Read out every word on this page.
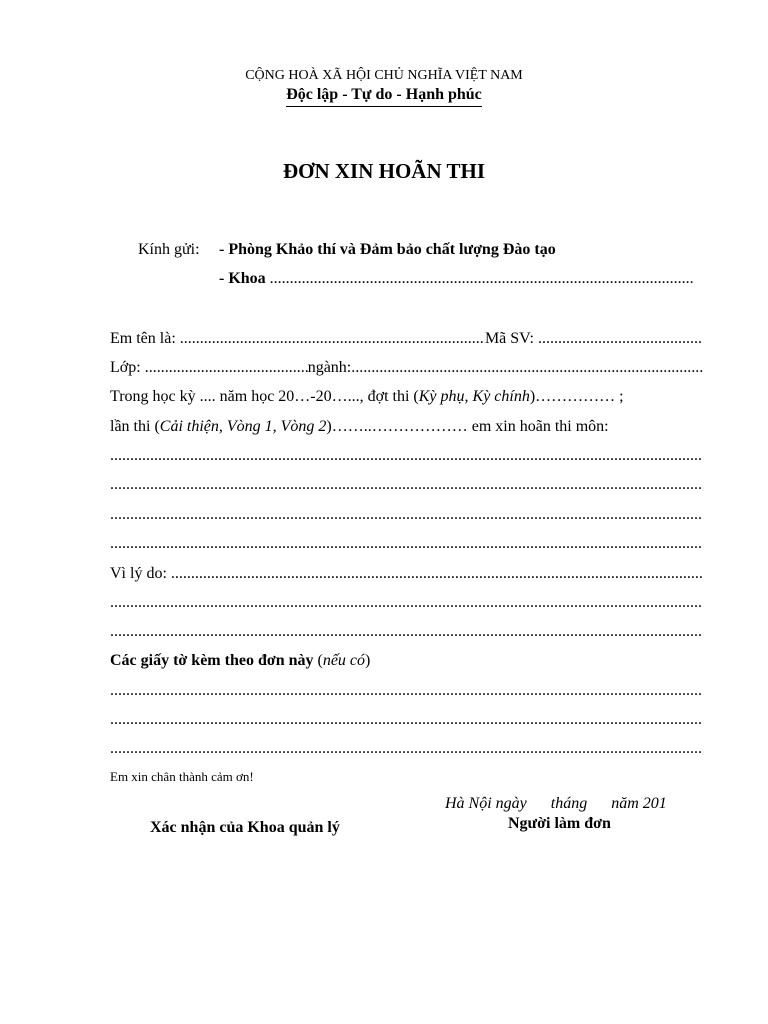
CỘNG HOÀ XÃ HỘI CHỦ NGHĨA VIỆT NAM
Độc lập - Tự do - Hạnh phúc
ĐƠN XIN HOÃN THI
Kính gửi: - Phòng Khảo thí và Đảm bảo chất lượng Đào tạo
- Khoa

.....
Em tên là:
.....	Mã SV:

.....
Lớp:
.....	ngành:
.....
Trong học kỳ .... năm học 20…-20…..., đợt thi (Kỳ phụ, Kỳ chính)…………… ;
lần thi (Cải thiện, Vòng 1, Vòng 2)……..……………… em xin hoãn thi môn:
.....
.....
.....
.....
Vì lý do:

.....
.....
.....
Các giấy tờ kèm theo đơn này (nếu có)
.....
.....
.....
Em xin chân thành cảm ơn!
Hà Nội ngày      tháng      năm 201
Xác nhận của Khoa quản lý	Người làm đơn
